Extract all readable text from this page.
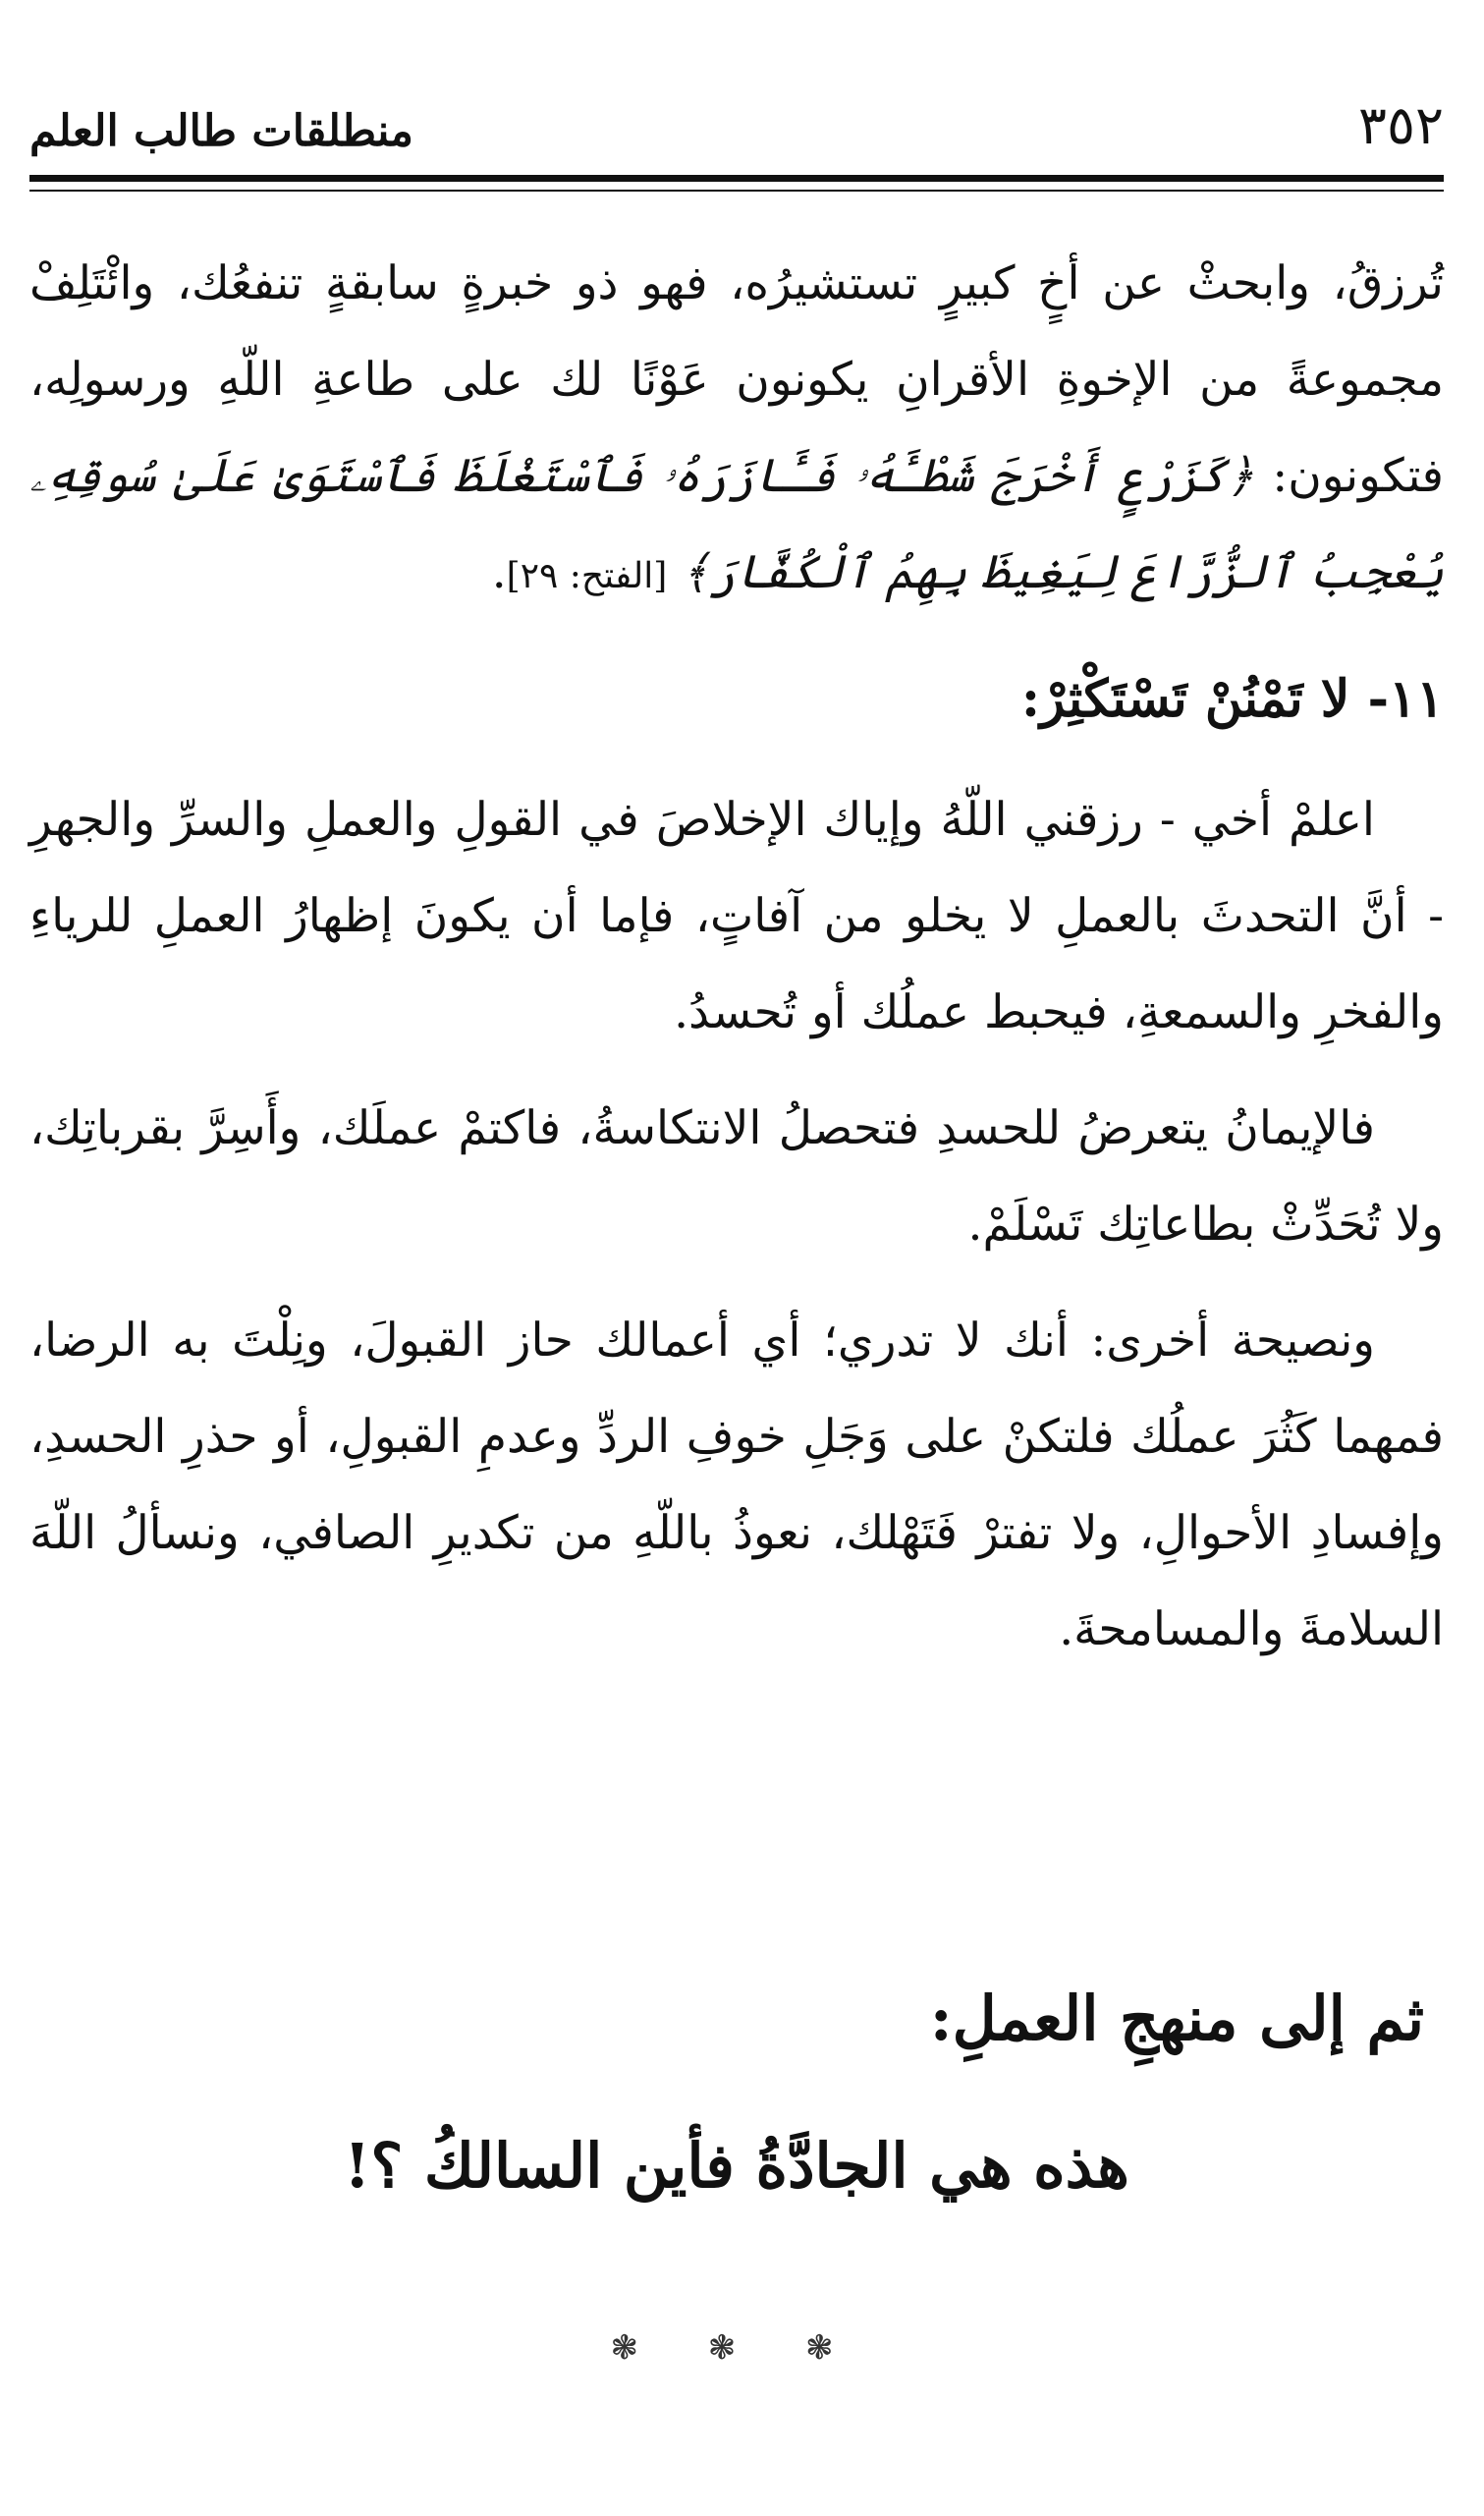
٣٥٢
منطلقات طالب العلم

تُرزقُ، وابحثْ عن أخٍ كبيرٍ تستشيرُه، فهو ذو خبرةٍ سابقةٍ تنفعُك، وائْتَلِفْ مجموعةً من الإخوةِ الأقرانِ يكونون عَوْنًا لك على طاعةِ اللّهِ ورسولِه، فتكونون: ﴿كَزَرْعٍ أَخْرَجَ شَطْـَٔهُۥ فَـَٔازَرَهُۥ فَٱسْتَغْلَظَ فَٱسْتَوَىٰ عَلَىٰ سُوقِهِۦ يُعْجِبُ ٱلزُّرَّاعَ لِيَغِيظَ بِهِمُ ٱلْكُفَّارَ﴾ [الفتح: ٢٩].

١١- لا تَمْنُنْ تَسْتَكْثِرْ:

اعلمْ أخي - رزقني اللّهُ وإياك الإخلاصَ في القولِ والعملِ والسرِّ والجهرِ - أنَّ التحدثَ بالعملِ لا يخلو من آفاتٍ، فإما أن يكونَ إظهارُ العملِ للرياءِ والفخرِ والسمعةِ، فيحبط عملُك أو تُحسدُ.

فالإيمانُ يتعرضُ للحسدِ فتحصلُ الانتكاسةُ، فاكتمْ عملَك، وأَسِرَّ بقرباتِك، ولا تُحَدِّثْ بطاعاتِك تَسْلَمْ.

ونصيحة أخرى: أنك لا تدري؛ أي أعمالك حاز القبولَ، ونِلْتَ به الرضا، فمهما كَثُرَ عملُك فلتكنْ على وَجَلِ خوفِ الردِّ وعدمِ القبولِ، أو حذرِ الحسدِ، وإفسادِ الأحوالِ، ولا تفترْ فَتَهْلك، نعوذُ باللّهِ من تكديرِ الصافي، ونسألُ اللّهَ السلامةَ والمسامحةَ.

ثم إلى منهجِ العملِ:
هذه هي الجادَّةُ فأين السالكُ ؟!
❃ ❃ ❃
